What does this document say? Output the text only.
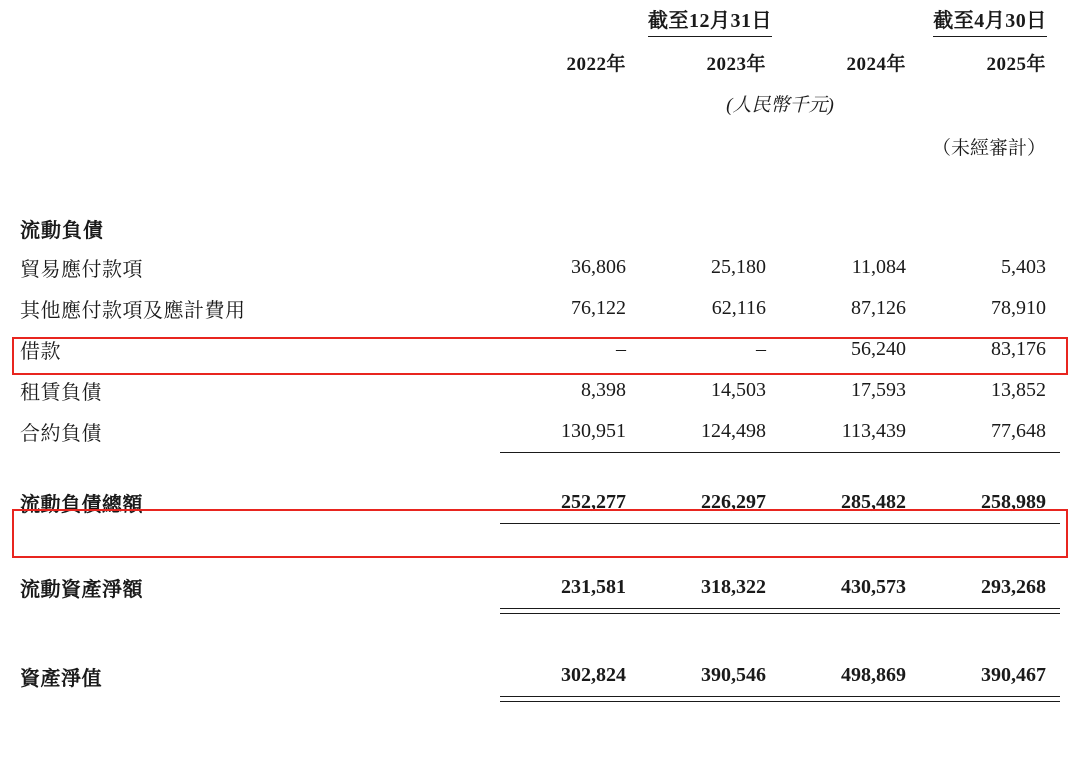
	截至12月31日			截至4月30日
	2022年	2023年	2024年	2025年
		(人民幣千元)		
				（未經審計）

流動負債				
貿易應付款項	36,806	25,180	11,084	5,403
其他應付款項及應計費用	76,122	62,116	87,126	78,910
借款	–	–	56,240	83,176
租賃負債	8,398	14,503	17,593	13,852
合約負債	130,951	124,498	113,439	77,648

流動負債總額	252,277	226,297	285,482	258,989

流動資產淨額	231,581	318,322	430,573	293,268

資產淨值	302,824	390,546	498,869	390,467
